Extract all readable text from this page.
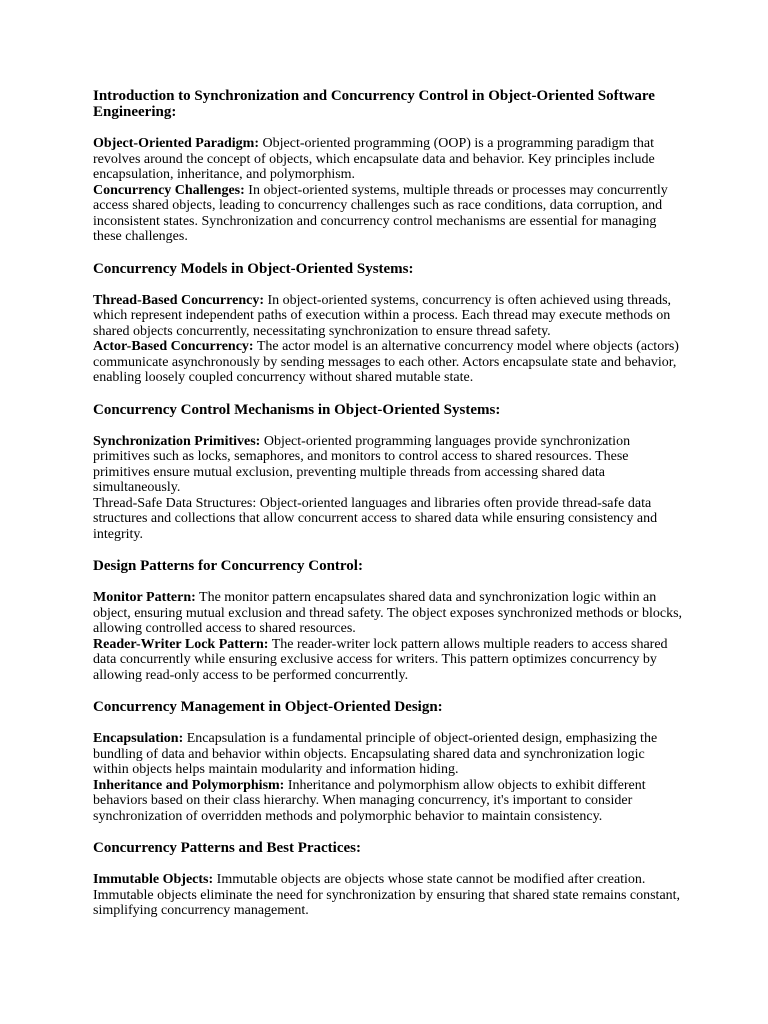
Introduction to Synchronization and Concurrency Control in Object-Oriented Software Engineering:

Object-Oriented Paradigm: Object-oriented programming (OOP) is a programming paradigm that revolves around the concept of objects, which encapsulate data and behavior. Key principles include encapsulation, inheritance, and polymorphism.

Concurrency Challenges: In object-oriented systems, multiple threads or processes may concurrently access shared objects, leading to concurrency challenges such as race conditions, data corruption, and inconsistent states. Synchronization and concurrency control mechanisms are essential for managing these challenges.

Concurrency Models in Object-Oriented Systems:

Thread-Based Concurrency: In object-oriented systems, concurrency is often achieved using threads, which represent independent paths of execution within a process. Each thread may execute methods on shared objects concurrently, necessitating synchronization to ensure thread safety.

Actor-Based Concurrency: The actor model is an alternative concurrency model where objects (actors) communicate asynchronously by sending messages to each other. Actors encapsulate state and behavior, enabling loosely coupled concurrency without shared mutable state.

Concurrency Control Mechanisms in Object-Oriented Systems:

Synchronization Primitives: Object-oriented programming languages provide synchronization primitives such as locks, semaphores, and monitors to control access to shared resources. These primitives ensure mutual exclusion, preventing multiple threads from accessing shared data simultaneously.

Thread-Safe Data Structures: Object-oriented languages and libraries often provide thread-safe data structures and collections that allow concurrent access to shared data while ensuring consistency and integrity.

Design Patterns for Concurrency Control:

Monitor Pattern: The monitor pattern encapsulates shared data and synchronization logic within an object, ensuring mutual exclusion and thread safety. The object exposes synchronized methods or blocks, allowing controlled access to shared resources.

Reader-Writer Lock Pattern: The reader-writer lock pattern allows multiple readers to access shared data concurrently while ensuring exclusive access for writers. This pattern optimizes concurrency by allowing read-only access to be performed concurrently.

Concurrency Management in Object-Oriented Design:

Encapsulation: Encapsulation is a fundamental principle of object-oriented design, emphasizing the bundling of data and behavior within objects. Encapsulating shared data and synchronization logic within objects helps maintain modularity and information hiding.

Inheritance and Polymorphism: Inheritance and polymorphism allow objects to exhibit different behaviors based on their class hierarchy. When managing concurrency, it's important to consider synchronization of overridden methods and polymorphic behavior to maintain consistency.

Concurrency Patterns and Best Practices:

Immutable Objects: Immutable objects are objects whose state cannot be modified after creation. Immutable objects eliminate the need for synchronization by ensuring that shared state remains constant, simplifying concurrency management.
